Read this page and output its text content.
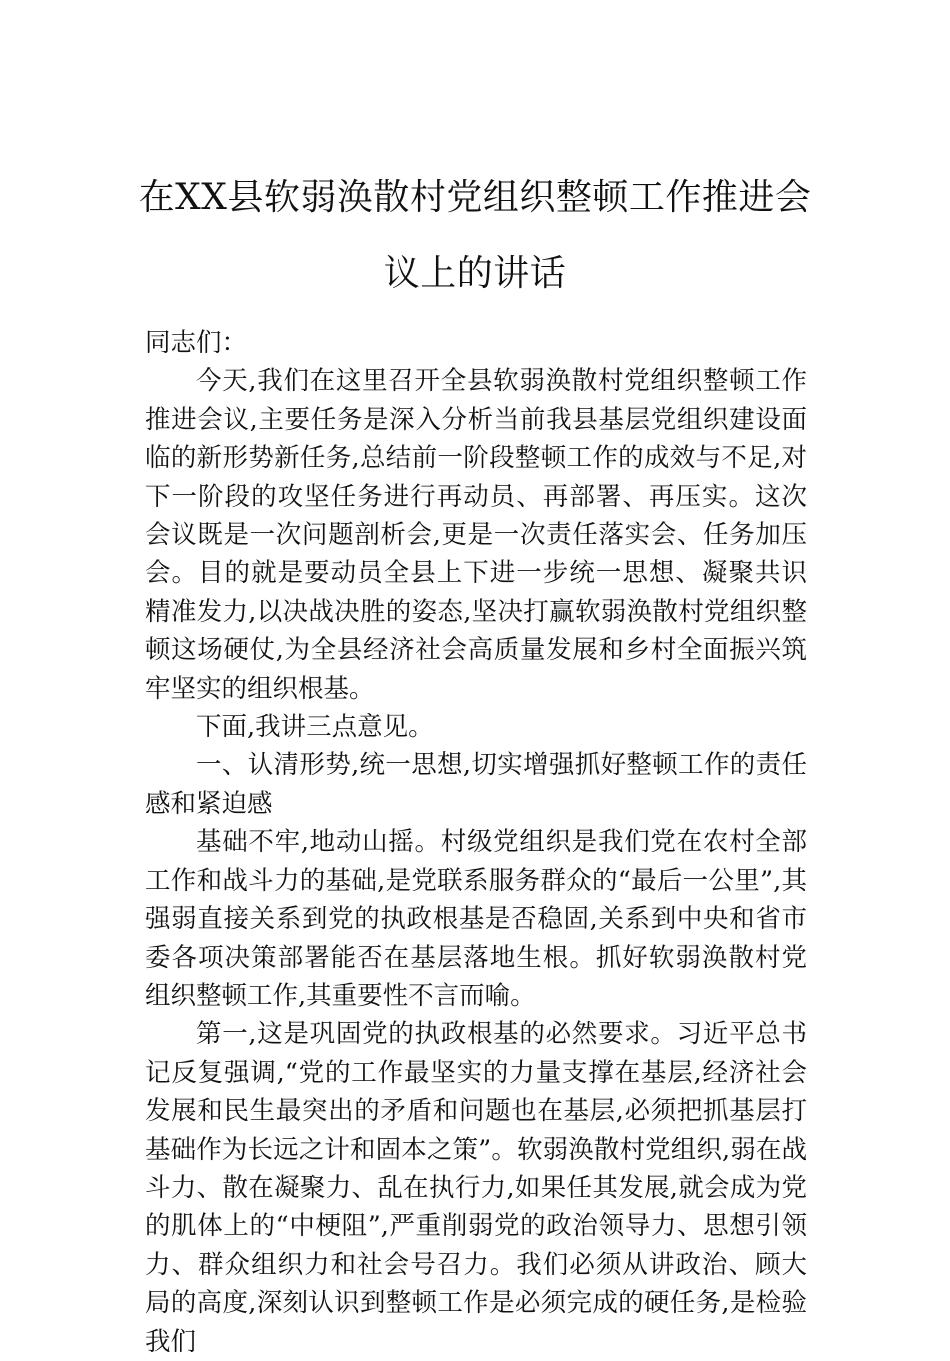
在XX县软弱涣散村党组织整顿工作推进会议上的讲话

同志们：

今天,我们在这里召开全县软弱涣散村党组织整顿工作推进会议,主要任务是深入分析当前我县基层党组织建设面临的新形势新任务,总结前一阶段整顿工作的成效与不足,对下一阶段的攻坚任务进行再动员、再部署、再压实。这次会议既是一次问题剖析会,更是一次责任落实会、任务加压会。目的就是要动员全县上下进一步统一思想、凝聚共识精准发力,以决战决胜的姿态,坚决打赢软弱涣散村党组织整顿这场硬仗,为全县经济社会高质量发展和乡村全面振兴筑牢坚实的组织根基。

下面,我讲三点意见。

一、认清形势,统一思想,切实增强抓好整顿工作的责任感和紧迫感

基础不牢,地动山摇。村级党组织是我们党在农村全部工作和战斗力的基础,是党联系服务群众的“最后一公里”,其强弱直接关系到党的执政根基是否稳固,关系到中央和省市委各项决策部署能否在基层落地生根。抓好软弱涣散村党组织整顿工作,其重要性不言而喻。

第一,这是巩固党的执政根基的必然要求。习近平总书记反复强调,“党的工作最坚实的力量支撑在基层,经济社会发展和民生最突出的矛盾和问题也在基层,必须把抓基层打基础作为长远之计和固本之策”。软弱涣散村党组织,弱在战斗力、散在凝聚力、乱在执行力,如果任其发展,就会成为党的肌体上的“中梗阻”,严重削弱党的政治领导力、思想引领力、群众组织力和社会号召力。我们必须从讲政治、顾大局的高度,深刻认识到整顿工作是必须完成的硬任务,是检验我们
